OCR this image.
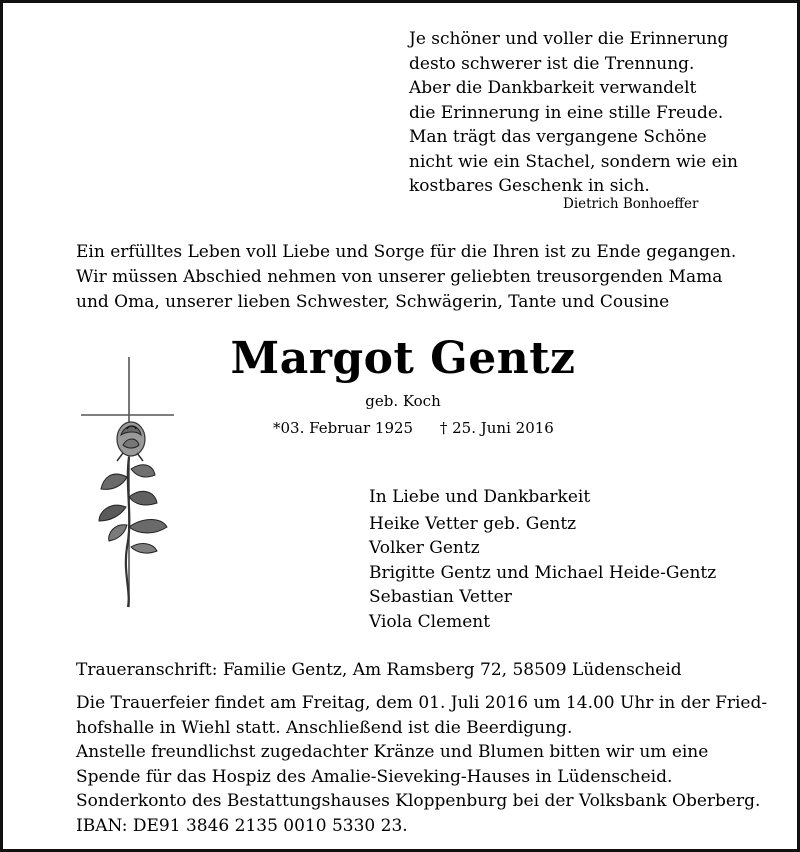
Je schöner und voller die Erinnerung
desto schwerer ist die Trennung.
Aber die Dankbarkeit verwandelt
die Erinnerung in eine stille Freude.
Man trägt das vergangene Schöne
nicht wie ein Stachel, sondern wie ein
kostbares Geschenk in sich.
Dietrich Bonhoeffer
Ein erfülltes Leben voll Liebe und Sorge für die Ihren ist zu Ende gegangen.
Wir müssen Abschied nehmen von unserer geliebten treusorgenden Mama
und Oma, unserer lieben Schwester, Schwägerin, Tante und Cousine
Margot Gentz
geb. Koch
*03. Februar 1925 † 25. Juni 2016
In Liebe und Dankbarkeit
Heike Vetter geb. Gentz
Volker Gentz
Brigitte Gentz und Michael Heide-Gentz
Sebastian Vetter
Viola Clement
Traueranschrift: Familie Gentz, Am Ramsberg 72, 58509 Lüdenscheid
Die Trauerfeier findet am Freitag, dem 01. Juli 2016 um 14.00 Uhr in der Fried-
hofshalle in Wiehl statt. Anschließend ist die Beerdigung.
Anstelle freundlichst zugedachter Kränze und Blumen bitten wir um eine
Spende für das Hospiz des Amalie-Sieveking-Hauses in Lüdenscheid.
Sonderkonto des Bestattungshauses Kloppenburg bei der Volksbank Oberberg.
IBAN: DE91 3846 2135 0010 5330 23.
